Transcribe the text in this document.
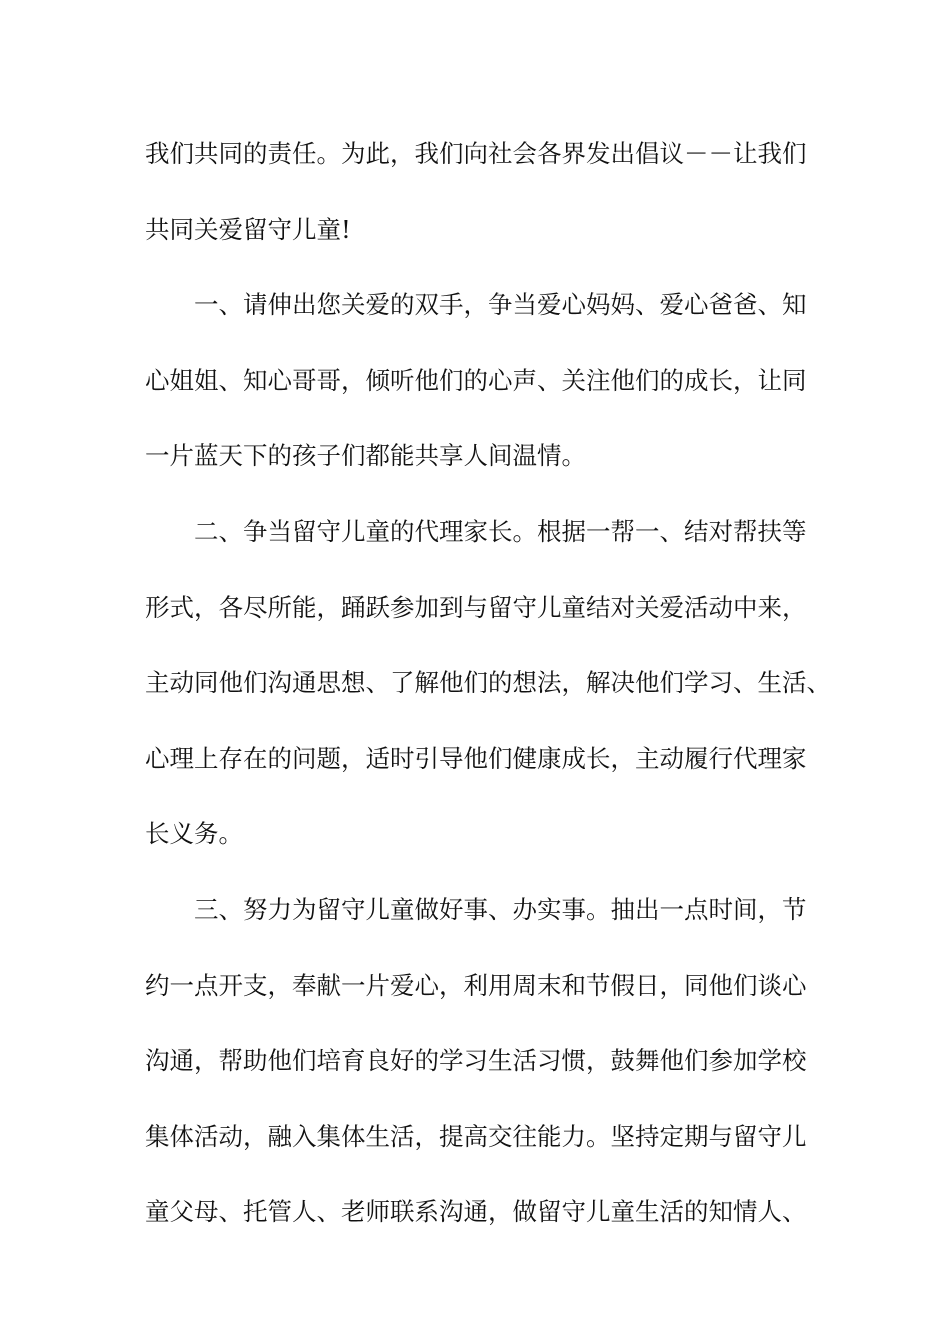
我们共同的责任。为此，我们向社会各界发出倡议－－让我们

共同关爱留守儿童!

一、请伸出您关爱的双手，争当爱心妈妈、爱心爸爸、知

心姐姐、知心哥哥，倾听他们的心声、关注他们的成长，让同

一片蓝天下的孩子们都能共享人间温情。

二、争当留守儿童的代理家长。根据一帮一、结对帮扶等

形式，各尽所能，踊跃参加到与留守儿童结对关爱活动中来，

主动同他们沟通思想、了解他们的想法，解决他们学习、生活、

心理上存在的问题，适时引导他们健康成长，主动履行代理家

长义务。

三、努力为留守儿童做好事、办实事。抽出一点时间，节

约一点开支，奉献一片爱心，利用周末和节假日，同他们谈心

沟通，帮助他们培育良好的学习生活习惯，鼓舞他们参加学校

集体活动，融入集体生活，提高交往能力。坚持定期与留守儿

童父母、托管人、老师联系沟通，做留守儿童生活的知情人、
